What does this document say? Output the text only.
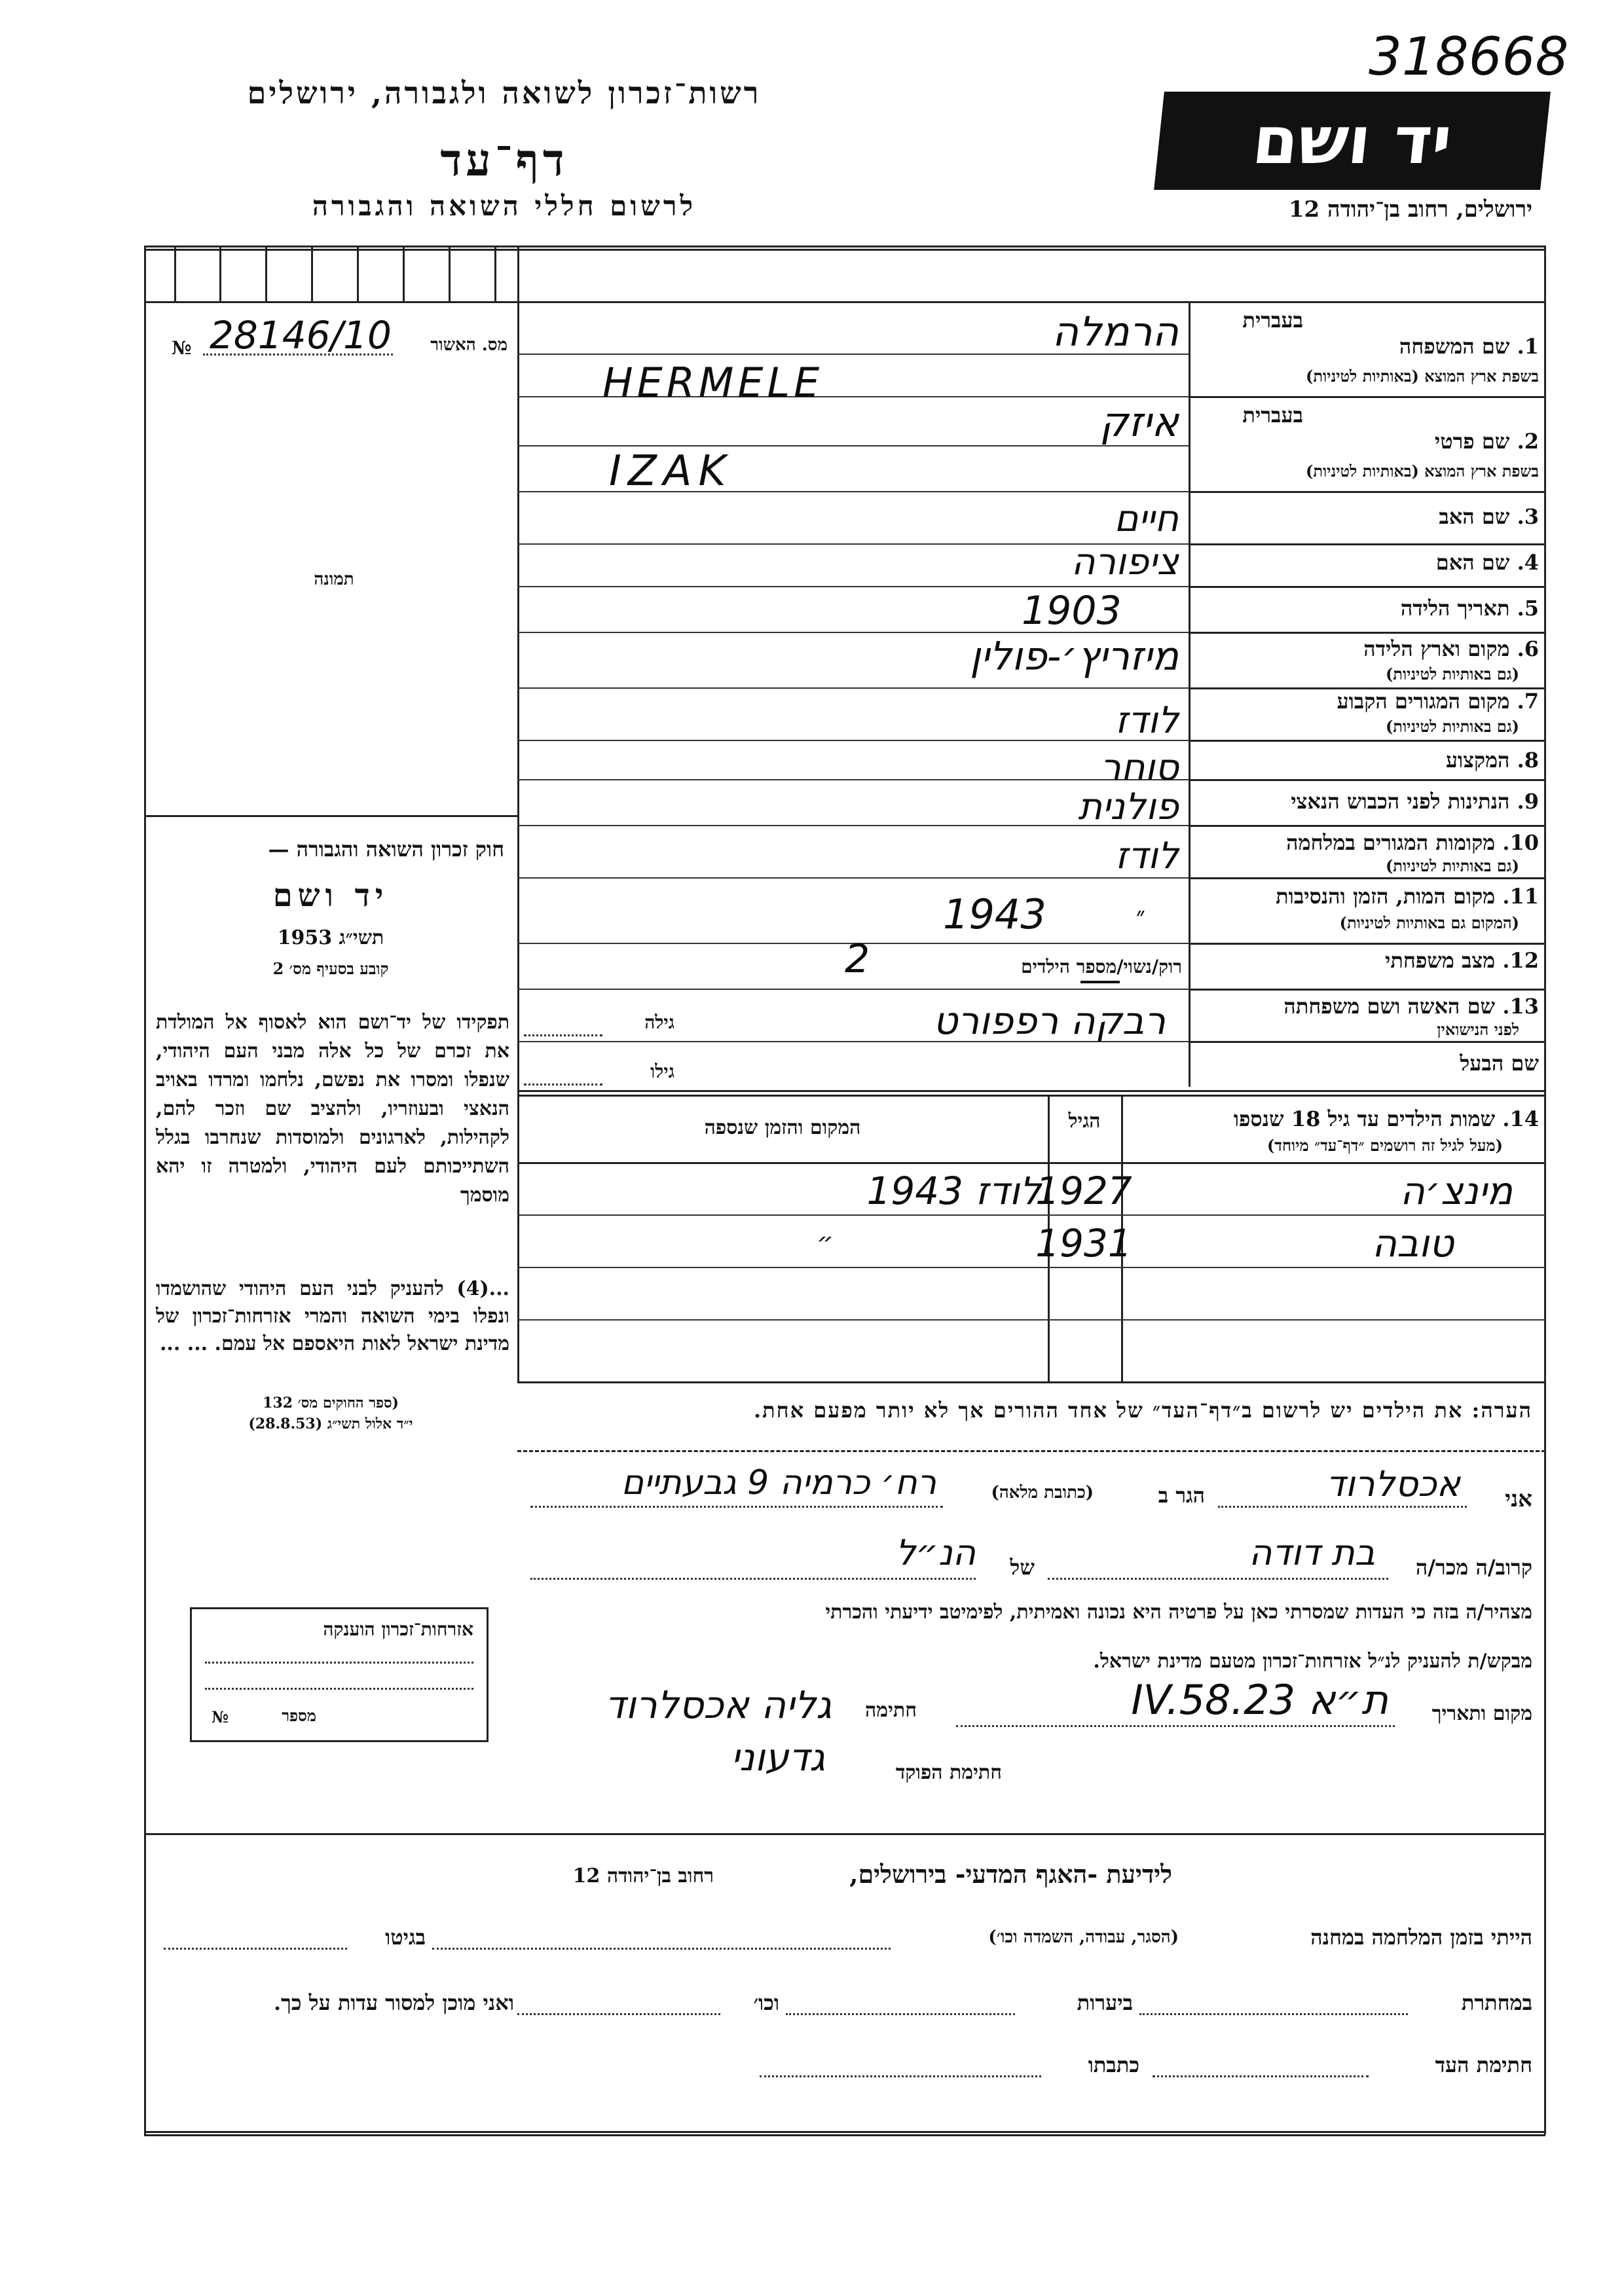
318668
רשות־זכרון לשואה ולגבורה, ירושלים
דף־עד
לרשום חללי השואה והגבורה
יד ושם
ירושלים, רחוב בן־יהודה 12
№ 28146/10	מס. האשור
תמונה
חוק זכרון השואה והגבורה —
יד ושם
תשי״ג 1953
קובע בסעיף מס׳ 2
תפקידו של יד־ושם הוא לאסוף אל המולדת את זכרם של כל אלה מבני העם היהודי, שנפלו ומסרו את נפשם, נלחמו ומרדו באויב הנאצי ובעוזריו, ולהציב שם וזכר להם, לקהילות, לארגונים ולמוסדות שנחרבו בגלל השתייכותם לעם היהודי, ולמטרה זו יהא מוסמך
...(4) להעניק לבני העם היהודי שהושמדו ונפלו בימי השואה והמרי אזרחות־זכרון של מדינת ישראל לאות היאספם אל עמם. ... ...
(ספר החוקים מס׳ 132
י״ד אלול תשי״ג (28.8.53)
אזרחות־זכרון הוענקה
מספר
№
בעברית
1. שם המשפחה
בשפת ארץ המוצא (באותיות לטיניות)
הרמלה
HERMELE
בעברית
2. שם פרטי
בשפת ארץ המוצא (באותיות לטיניות)
איזק
IZAK
3. שם האב
חיים
4. שם האם
ציפורה
5. תאריך הלידה
1903
6. מקום וארץ הלידה
(גם באותיות לטיניות)
מיזריץ׳-פולין
7. מקום המגורים הקבוע
(גם באותיות לטיניות)
לודז
8. המקצוע
סוחר
9. הנתינות לפני הכבוש הנאצי
פולנית
10. מקומות המגורים במלחמה
(גם באותיות לטיניות)
לודז
11. מקום המות, הזמן והנסיבות
(המקום גם באותיות לטיניות)
1943	״
12. מצב משפחתי
רוק/נשוי/מספר הילדים
2
13. שם האשה ושם משפחתה
לפני הנישואין
רבקה רפפורט
גילה
שם הבעל
גילו
14. שמות הילדים עד גיל 18 שנספו
(מעל לגיל זה רושמים ״דף־עד״ מיוחד)
הגיל
המקום והזמן שנספה
מינצ׳ה
1927
לודז 1943
טובה
1931
״
הערה: את הילדים יש לרשום ב״דף־העד״ של אחד ההורים אך לא יותר מפעם אחת.
אני
אכסלרוד
הגר ב
(כתובת מלאה)
רח׳ כרמיה 9 גבעתיים
קרוב/ה מכר/ה
בת דודה
של
הנ״ל
מצהיר/ה בזה כי העדות שמסרתי כאן על פרטיה היא נכונה ואמיתית, לפימיטב ידיעתי והכרתי
מבקש/ת להעניק לנ״ל אזרחות־זכרון מטעם מדינת ישראל.
מקום ותאריך
ת״א 23.IV.58
חתימה
גליה אכסלרוד
חתימת הפוקד
גדעוני
לידיעת -האגף המדעי- בירושלים,
רחוב בן־יהודה 12
הייתי בזמן המלחמה במחנה
(הסגר, עבודה, השמדה וכו׳)
בגיטו
במחתרת
ביערות
וכו׳
ואני מוכן למסור עדות על כך.
חתימת העד
כתבתו
